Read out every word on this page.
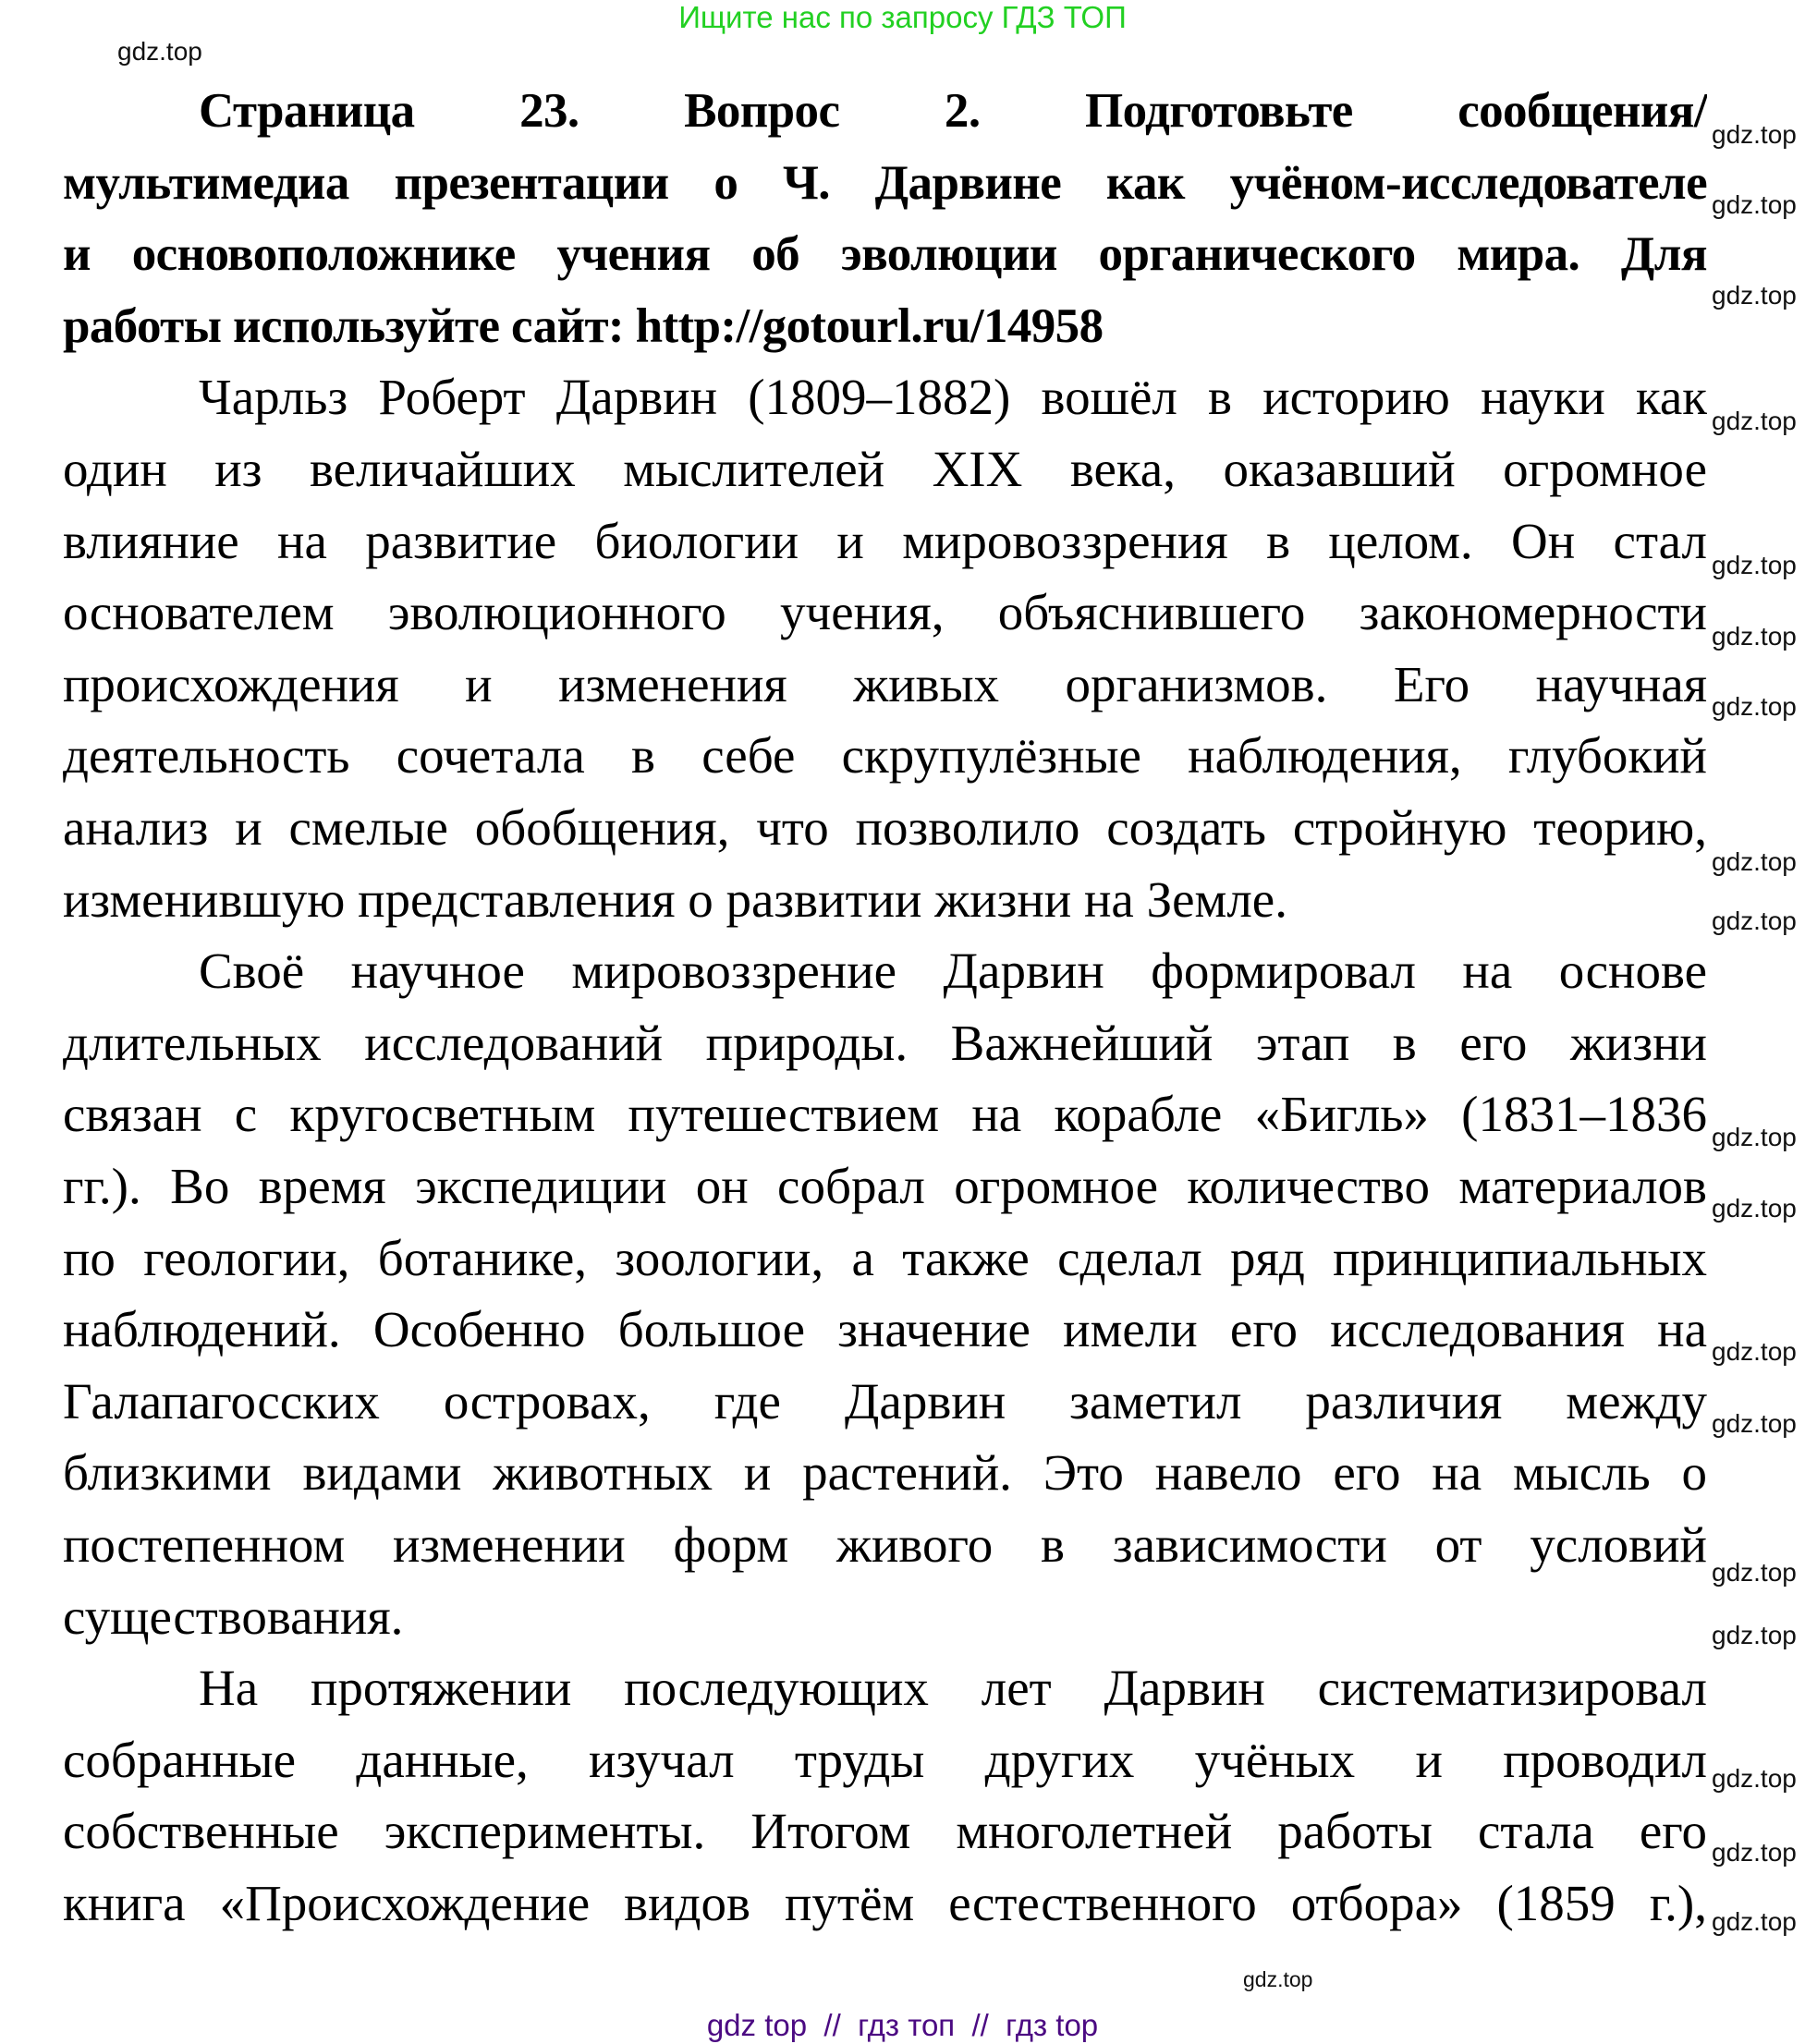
Ищите нас по запросу ГДЗ ТОП
Страница 23. Вопрос 2. Подготовьте сообщения/
мультимедиа презентации о Ч. Дарвине как учёном-исследователе
и основоположнике учения об эволюции органического мира. Для
работы используйте сайт: http://gotourl.ru/14958
Чарльз Роберт Дарвин (1809–1882) вошёл в историю науки как
один из величайших мыслителей XIX века, оказавший огромное
влияние на развитие биологии и мировоззрения в целом. Он стал
основателем эволюционного учения, объяснившего закономерности
происхождения и изменения живых организмов. Его научная
деятельность сочетала в себе скрупулёзные наблюдения, глубокий
анализ и смелые обобщения, что позволило создать стройную теорию,
изменившую представления о развитии жизни на Земле.
Своё научное мировоззрение Дарвин формировал на основе
длительных исследований природы. Важнейший этап в его жизни
связан с кругосветным путешествием на корабле «Бигль» (1831–1836
гг.). Во время экспедиции он собрал огромное количество материалов
по геологии, ботанике, зоологии, а также сделал ряд принципиальных
наблюдений. Особенно большое значение имели его исследования на
Галапагосских островах, где Дарвин заметил различия между
близкими видами животных и растений. Это навело его на мысль о
постепенном изменении форм живого в зависимости от условий
существования.
На протяжении последующих лет Дарвин систематизировал
собранные данные, изучал труды других учёных и проводил
собственные эксперименты. Итогом многолетней работы стала его
книга «Происхождение видов путём естественного отбора» (1859 г.),
gdz.top
gdz.top
gdz.top
gdz.top
gdz.top
gdz.top
gdz.top
gdz.top
gdz.top
gdz.top
gdz.top
gdz.top
gdz.top
gdz.top
gdz.top
gdz.top
gdz.top
gdz.top
gdz.top
gdz.top
gdz top  //  гдз топ  //  гдз top
